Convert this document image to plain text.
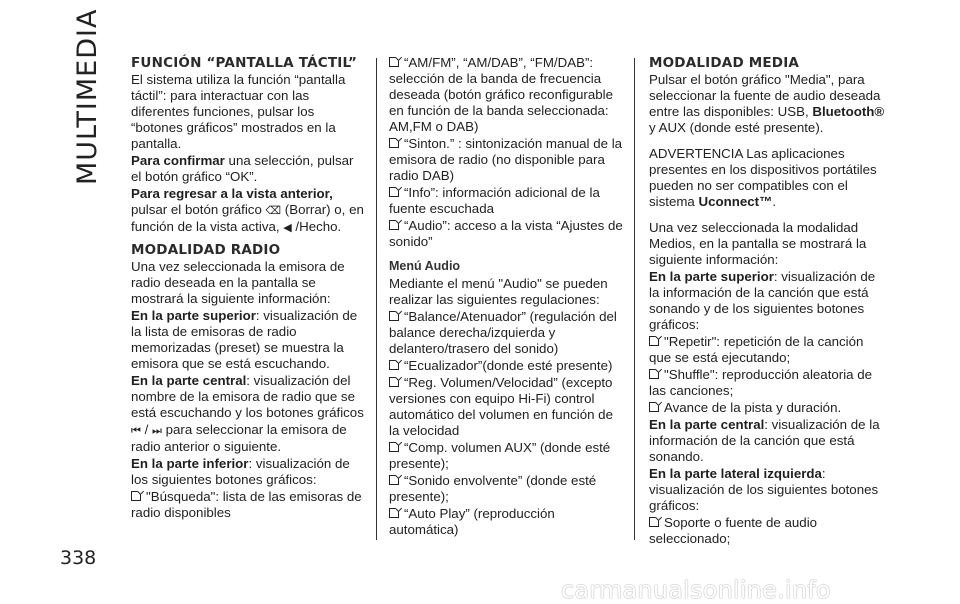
MULTIMEDIA
338
FUNCIÓN “PANTALLA TÁCTIL”

El sistema utiliza la función “pantalla táctil”: para interactuar con las diferentes funciones, pulsar los “botones gráficos” mostrados en la pantalla.

Para confirmar una selección, pulsar el botón gráfico “OK”.

Para regresar a la vista anterior, pulsar el botón gráfico ⌫ (Borrar) o, en función de la vista activa, ◀ /Hecho.

MODALIDAD RADIO

Una vez seleccionada la emisora de radio deseada en la pantalla se mostrará la siguiente información:

En la parte superior: visualización de la lista de emisoras de radio memorizadas (preset) se muestra la emisora que se está escuchando.

En la parte central: visualización del nombre de la emisora de radio que se está escuchando y los botones gráficos

⏮ / ⏭ para seleccionar la emisora de radio anterior o siguiente.

En la parte inferior: visualización de los siguientes botones gráficos:

"Búsqueda": lista de las emisoras de radio disponibles

“AM/FM”, “AM/DAB”, “FM/DAB”: selección de la banda de frecuencia deseada (botón gráfico reconfigurable en función de la banda seleccionada: AM,FM o DAB)

“Sinton.” : sintonización manual de la emisora de radio (no disponible para radio DAB)

“Info”: información adicional de la fuente escuchada

“Audio”: acceso a la vista “Ajustes de sonido”

Menú Audio

Mediante el menú "Audio" se pueden realizar las siguientes regulaciones:

“Balance/Atenuador” (regulación del balance derecha/izquierda y delantero/trasero del sonido)

“Ecualizador”(donde esté presente)

“Reg. Volumen/Velocidad” (excepto versiones con equipo Hi-Fi) control automático del volumen en función de la velocidad

“Comp. volumen AUX” (donde esté presente);

“Sonido envolvente” (donde esté presente);

“Auto Play” (reproducción automática)

MODALIDAD MEDIA

Pulsar el botón gráfico "Media", para seleccionar la fuente de audio deseada entre las disponibles: USB, Bluetooth® y AUX (donde esté presente).

ADVERTENCIA Las aplicaciones presentes en los dispositivos portátiles pueden no ser compatibles con el sistema Uconnect™.

Una vez seleccionada la modalidad Medios, en la pantalla se mostrará la siguiente información:

En la parte superior: visualización de la información de la canción que está sonando y de los siguientes botones gráficos:

"Repetir": repetición de la canción que se está ejecutando;

"Shuffle": reproducción aleatoria de las canciones;

Avance de la pista y duración.

En la parte central: visualización de la información de la canción que está sonando.

En la parte lateral izquierda: visualización de los siguientes botones gráficos:

Soporte o fuente de audio seleccionado;

carmanualsonline.info
